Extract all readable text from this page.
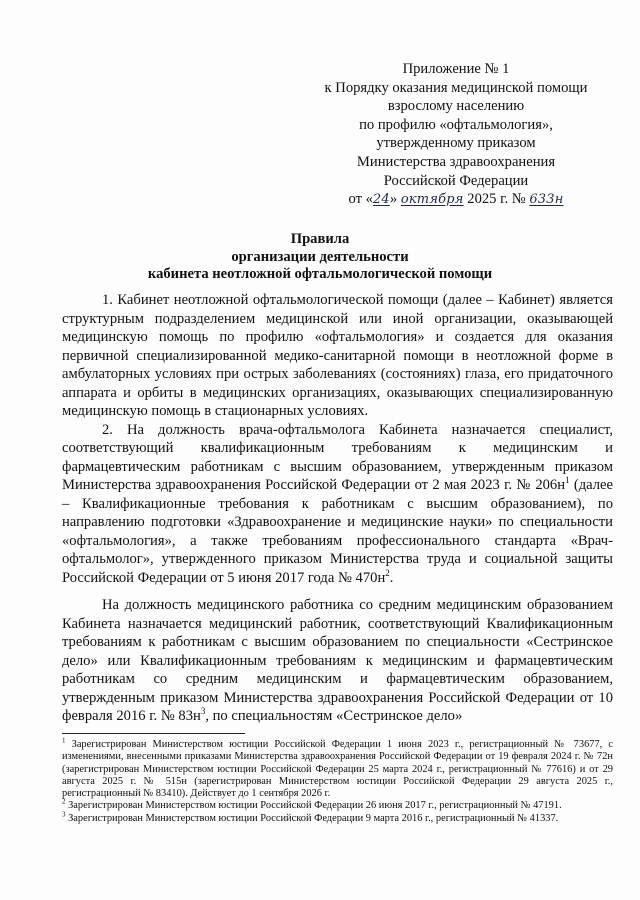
Приложение № 1
к Порядку оказания медицинской помощи
взрослому населению
по профилю «офтальмология»,
утвержденному приказом
Министерства здравоохранения
Российской Федерации
от «24» октября 2025 г. № 633н
Правила
организации деятельности
кабинета неотложной офтальмологической помощи

1. Кабинет неотложной офтальмологической помощи (далее – Кабинет) является структурным подразделением медицинской или иной организации, оказывающей медицинскую помощь по профилю «офтальмология» и создается для оказания первичной специализированной медико-санитарной помощи в неотложной форме в амбулаторных условиях при острых заболеваниях (состояниях) глаза, его придаточного аппарата и орбиты в медицинских организациях, оказывающих специализированную медицинскую помощь в стационарных условиях.

2. На должность врача-офтальмолога Кабинета назначается специалист, соответствующий квалификационным требованиям к медицинским и фармацевтическим работникам с высшим образованием, утвержденным приказом Министерства здравоохранения Российской Федерации от 2 мая 2023 г. № $206н^1$ (далее – Квалификационные требования к работникам с высшим образованием), по направлению подготовки «Здравоохранение и медицинские науки» по специальности «офтальмология», а также требованиям профессионального стандарта «Врач-офтальмолог», утвержденного приказом Министерства труда и социальной защиты Российской Федерации от 5 июня 2017 года № $470н^2$.

На должность медицинского работника со средним медицинским образованием Кабинета назначается медицинский работник, соответствующий Квалификационным требованиям к работникам с высшим образованием по специальности «Сестринское дело» или Квалификационным требованиям к медицинским и фармацевтическим работникам со средним медицинским и фармацевтическим образованием, утвержденным приказом Министерства здравоохранения Российской Федерации от 10 февраля 2016 г. № $83н^3$, по специальностям «Сестринское дело»

$^1$ Зарегистрирован Министерством юстиции Российской Федерации 1 июня 2023 г., регистрационный № 73677, с изменениями, внесенными приказами Министерства здравоохранения Российской Федерации от 19 февраля 2024 г. № 72н (зарегистрирован Министерством юстиции Российской Федерации 25 марта 2024 г., регистрационный № 77616) и от 29 августа 2025 г. № 515н (зарегистрирован Министерством юстиции Российской Федерации 29 августа 2025 г., регистрационный № 83410). Действует до 1 сентября 2026 г.

$^2$ Зарегистрирован Министерством юстиции Российской Федерации 26 июня 2017 г., регистрационный № 47191.

$^3$ Зарегистрирован Министерством юстиции Российской Федерации 9 марта 2016 г., регистрационный № 41337.
